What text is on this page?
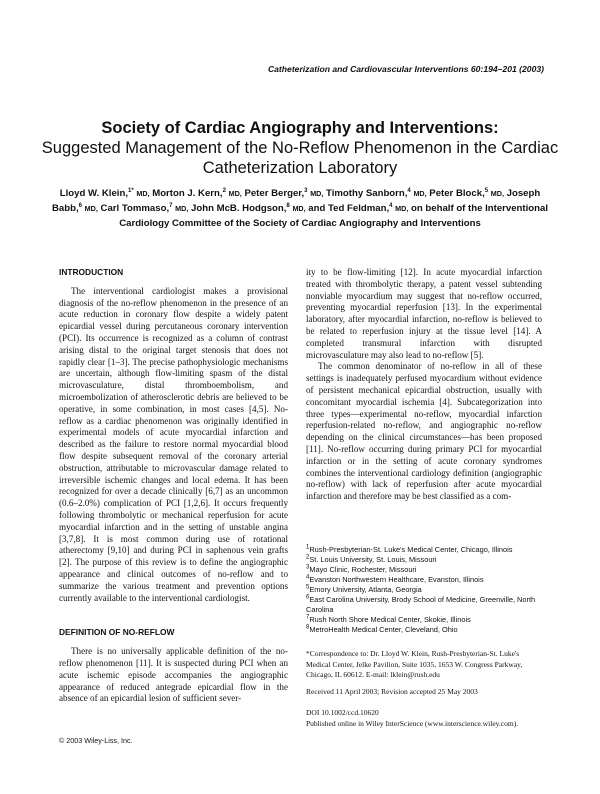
Catheterization and Cardiovascular Interventions 60:194–201 (2003)
Society of Cardiac Angiography and Interventions:
Suggested Management of the No-Reflow Phenomenon in the Cardiac Catheterization Laboratory
Lloyd W. Klein,$^{1*}$ MD, Morton J. Kern,$^2$ MD, Peter Berger,$^3$ MD, Timothy Sanborn,$^4$ MD, Peter Block,$^5$ MD, Joseph Babb,$^6$ MD, Carl Tommaso,$^7$ MD, John McB. Hodgson,$^8$ MD, and Ted Feldman,$^4$ MD, on behalf of the Interventional Cardiology Committee of the Society of Cardiac Angiography and Interventions
INTRODUCTION

The interventional cardiologist makes a provisional diagnosis of the no-reflow phenomenon in the presence of an acute reduction in coronary flow despite a widely patent epicardial vessel during percutaneous coronary intervention (PCI). Its occurrence is recognized as a column of contrast arising distal to the original target stenosis that does not rapidly clear [1–3]. The precise pathophysiologic mechanisms are uncertain, although flow-limiting spasm of the distal microvasculature, distal thromboembolism, and microembolization of atherosclerotic debris are believed to be operative, in some combination, in most cases [4,5]. No-reflow as a cardiac phenomenon was originally identified in experimental models of acute myocardial infarction and described as the failure to restore normal myocardial blood flow despite subsequent removal of the coronary arterial obstruction, attributable to microvascular damage related to irreversible ischemic changes and local edema. It has been recognized for over a decade clinically [6,7] as an uncommon (0.6–2.0%) complication of PCI [1,2,6]. It occurs frequently following thrombolytic or mechanical reperfusion for acute myocardial infarction and in the setting of unstable angina [3,7,8]. It is most common during use of rotational atherectomy [9,10] and during PCI in saphenous vein grafts [2]. The purpose of this review is to define the angiographic appearance and clinical outcomes of no-reflow and to summarize the various treatment and prevention options currently available to the interventional cardiologist.

DEFINITION OF NO-REFLOW

There is no universally applicable definition of the no-reflow phenomenon [11]. It is suspected during PCI when an acute ischemic episode accompanies the angiographic appearance of reduced antegrade epicardial flow in the absence of an epicardial lesion of sufficient sever-

ity to be flow-limiting [12]. In acute myocardial infarction treated with thrombolytic therapy, a patent vessel subtending nonviable myocardium may suggest that no-reflow occurred, preventing myocardial reperfusion [13]. In the experimental laboratory, after myocardial infarction, no-reflow is believed to be related to reperfusion injury at the tissue level [14]. A completed transmural infarction with disrupted microvasculature may also lead to no-reflow [5].

The common denominator of no-reflow in all of these settings is inadequately perfused myocardium without evidence of persistent mechanical epicardial obstruction, usually with concomitant myocardial ischemia [4]. Subcategorization into three types—experimental no-reflow, myocardial infarction reperfusion-related no-reflow, and angiographic no-reflow depending on the clinical circumstances—has been proposed [11]. No-reflow occurring during primary PCI for myocardial infarction or in the setting of acute coronary syndromes combines the interventional cardiology definition (angiographic no-reflow) with lack of reperfusion after acute myocardial infarction and therefore may be best classified as a com-

$^1$Rush-Presbyterian-St. Luke's Medical Center, Chicago, Illinois
$^2$St. Louis University, St. Louis, Missouri
$^3$Mayo Clinic, Rochester, Missouri
$^4$Evanston Northwestern Healthcare, Evanston, Illinois
$^5$Emory University, Atlanta, Georgia
$^6$East Carolina University, Brody School of Medicine, Greenville, North Carolina
$^7$Rush North Shore Medical Center, Skokie, Illinois
$^8$MetroHealth Medical Center, Cleveland, Ohio
*Correspondence to: Dr. Lloyd W. Klein, Rush-Presbyterian-St. Luke's Medical Center, Jelke Pavilion, Suite 1035, 1653 W. Congress Parkway, Chicago, IL 60612. E-mail: lklein@rush.edu
Received 11 April 2003; Revision accepted 25 May 2003
DOI 10.1002/ccd.10620
Published online in Wiley InterScience (www.interscience.wiley.com).
© 2003 Wiley-Liss, Inc.
